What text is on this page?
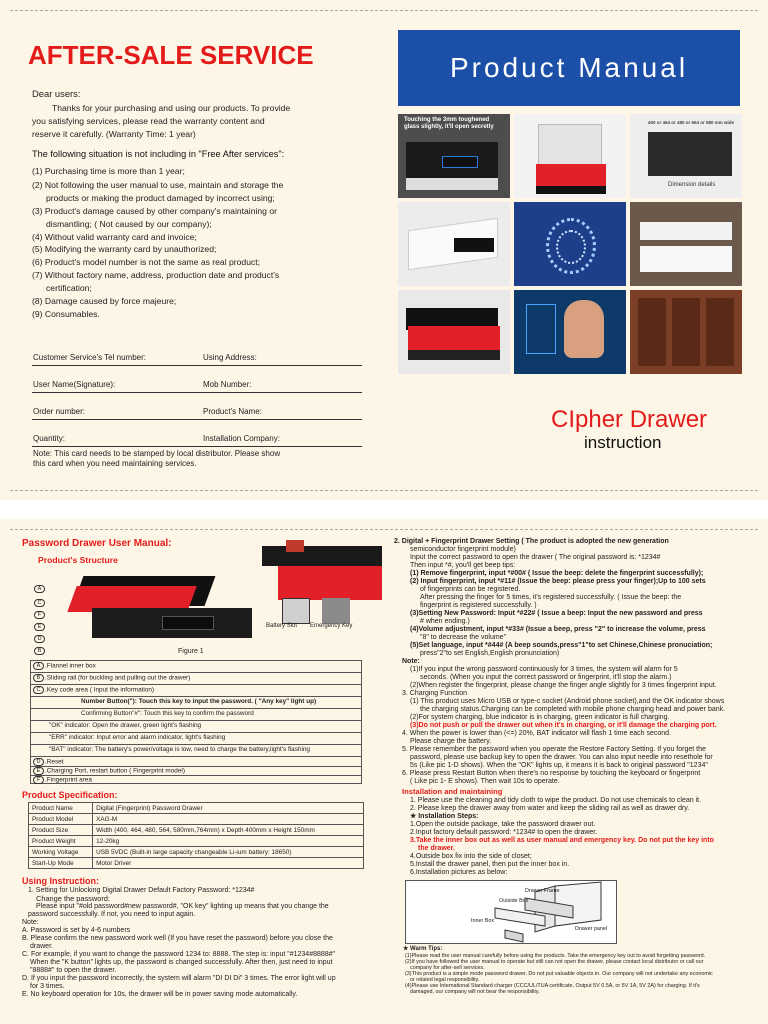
AFTER-SALE SERVICE
Dear users:
Thanks for your purchasing and using our products. To provide
you satisfying services, please read the warranty content and
reserve it carefully. (Warranty Time: 1 year)
The following situation is not including in "Free After services":
(1) Purchasing time is more than 1 year;
(2) Not following the user manual to use, maintain and storage the
products or making the product damaged by incorrect using;
(3) Product's damage caused by other company's maintaining or
dismantling; ( Not caused by our company);
(4) Without valid warranty card and invoice;
(5) Modifying the warranty card by unauthorized;
(6) Product's model number is not the same as real product;
(7) Without factory name, address, production date and product's
certification;
(8) Damage caused by force majeure;
(9) Consumables.
Customer Service's Tel number:	Using Address:
User Name(Signature):	Mob Number:
Order number:	Product's Name:
Quantity:	Installation Company:
Note: This card needs to be stamped by local distributor. Please show
this card when you need maintaining services.
Product Manual
Touching the 3mm toughened glass slightly, it'll open secretly
400 or 464 or 480 or 564 or 580 mm wide
Dimension details
CIpher Drawer
instruction
Password Drawer User Manual:
Product's Structure
Battery Slot Emergency Key
Figure 1
A
C
F
E
D
B
A .Flannel inner box
B .Sliding rail (for buckling and pulling out the drawer)
C .Key code area ( Input the information)
Number Button("): Touch this key to input the password. ( "Any key" light up)
Confirming Button"#": Touch this key to confirm the password
"OK" indicator: Open the drawer, green light's flashing
"ERR" indicator: Input error and alarm indicator, light's flashing
"BAT" indicator: The battery's power/voltage is low, need to charge the battery,light's flashing
D .Reset
E .Charging Port, restart button ( Fingerprint model)
F .Fingerprint area
Product Specification:
Product Name	Digital (Fingerprint) Password Drawer
Product Model	XAG-M
Product Size	Width (400, 464, 480, 564, 580mm,764mm) x Depth 400mm x Height 150mm
Product Weight	12-20kg
Working Voltage	USB 5VDC (Built-in large capacity changeable Li-ium battery: 18650)
Start-Up Mode	Motor Driver
Using Instruction:
1. Setting for Unlocking Digital Drawer Default Factory Password: *1234#
Change the password:
Please input "#old password#new password#, "OK key" lighting up means that you change the
password successfully. If not, you need to input again.
Note:
A. Password is set by 4-6 numbers
B. Please confirm the new password work well (If you have reset the password) before you close the
drawer.
C. For example, if you want to change the password 1234 to: 8888. The step is: input "#1234#8888#"
When the "K button" lights up, the password is changed successfully. After then, just need to input
"8888#" to open the drawer.
D. If you input the password incorrectly, the system will alarm "DI DI Di" 3 times. The error light will up
for 3 times.
E. No keyboard operation for 10s, the drawer will be in power saving mode automatically.
2. Digital + Fingerprint Drawer Setting ( The product is adopted the new generation
semiconductor fingerprint module)
Input the correct password to open the drawer ( The original password is: *1234#
Then input *#, you'll get beep tips:
(1) Remove fingerprint, input *#00# ( Issue the beep: delete the fingerprint successfully);
(2) Input fingerprint, input *#11# (Issue the beep: please press your finger);Up to 100 sets
of fingerprints can be registered.
After pressing the finger for 5 times, it's registered successfully. ( Issue the beep: the
fingerprint is registered successfully. )
(3)Setting New Password: Input *#22# ( Issue a beep: Input the new password and press
# when ending.)
(4)Volume adjustment, input *#33# (Issue a beep, press "2" to increase the volume, press
"8" to decrease the volume"
(5)Set language, input *#44# (A beep sounds,press"1"to set Chinese,Chinese pronuciation;
press"2"to set English,English pronunciation)
Note:
(1)If you input the wrong password continuously for 3 times, the system will alarm for 5
seconds. (When you input the correct password or fingerprint, it'll stop the alarm.)
(2)When register the fingerprint, please change the finger angle slightly for 3 times fingerprint input.
3. Charging Function
(1) This product uses Micro USB or type-c socket (Android phone socket),and the OK indicator shows
the charging status.Charging can be completed with mobile phone charging head and power bank.
(2)For system charging, blue indicator is in charging, green indicator is full charging.
(3)Do not push or pull the drawer out when it's in charging, or it'll damage the charging port.
4. When the power is lower than (<=) 20%, BAT indicator will flash 1 time each second.
Please charge the battery.
5. Please remember the password when you operate the Restore Factory Setting. If you forget the
password, please use backup key to open the drawer. You can also input needle into resethole for
5s (Like pic 1-D shows). When the "OK" lights up, it means it is back to original password "1234"
6. Please press Restart Button when there's no response by touching the keyboard or fingerprint
( Like pic 1- E shows). Then wait 10s to operate.
Installation and maintaining
1. Please use the cleaning and tidy cloth to wipe the product. Do not use chemicals to clean it.
2. Please keep the drawer away from water and keep the sliding rail as well as drawer dry.
★ Installation Steps:
1.Open the outside package, take the password drawer out.
2.Input factory default password: *1234# to open the drawer.
3.Take the inner box out as well as user manual and emergency key. Do not put the key into
the drawer.
4.Outside box fix into the side of closet;
5.Install the drawer panel, then put the inner box in.
6.Installation pictures as below:
Drawer Frame
Outside Box
Inner Box
Drawer panel
★ Warm Tips:
(1)Please read the user manual carefully before using the products. Take the emergency key out to avoid forgetting password.
(2)If you have followed the user manual to operate but still can not open the drawer, please contact local distributor or call our
company for after-sell services.
(3)This product is a simple mode password drawer. Do not put valuable objects in. Our company will not undertake any economic
or related legal responsibility.
(4)Please use International Standard charger (CCC/UL/TUA certificate, Output 5V 0.5A, or 5V 1A, 5V 2A) for charging. If it's
damaged, our company will not bear the responsibility.
